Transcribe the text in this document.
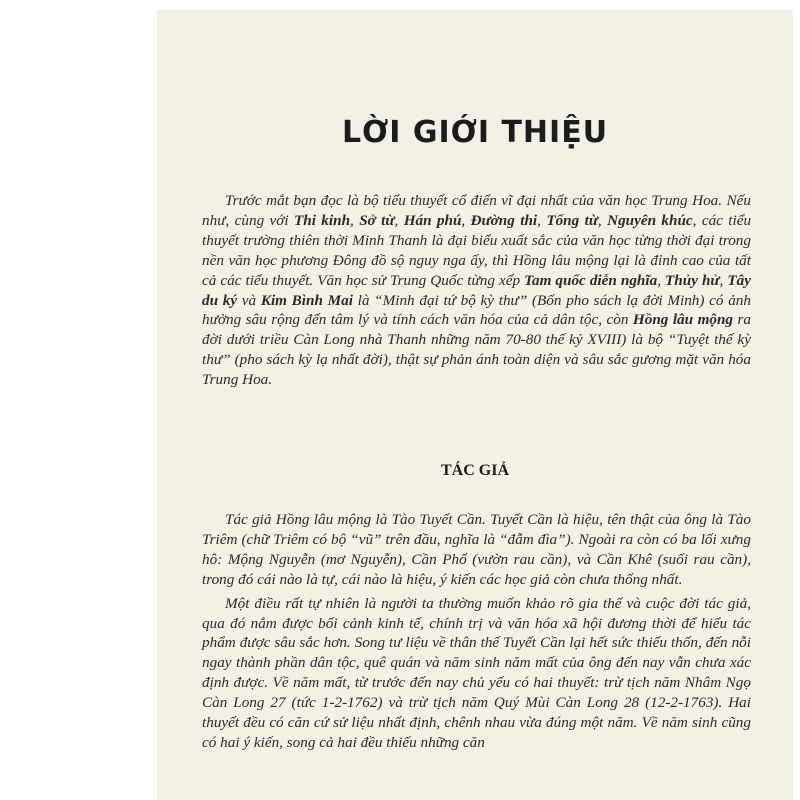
LỜI GIỚI THIỆU

Trước mắt bạn đọc là bộ tiểu thuyết cổ điển vĩ đại nhất của văn học Trung Hoa. Nếu như, cùng với Thi kinh, Sở từ, Hán phú, Đường thi, Tống từ, Nguyên khúc, các tiểu thuyết trường thiên thời Minh Thanh là đại biểu xuất sắc của văn học từng thời đại trong nền văn học phương Đông đồ sộ nguy nga ấy, thì Hồng lâu mộng lại là đỉnh cao của tất cả các tiểu thuyết. Văn học sử Trung Quốc từng xếp Tam quốc diễn nghĩa, Thủy hử, Tây du ký và Kim Bình Mai là “Minh đại tứ bộ kỳ thư” (Bốn pho sách lạ đời Minh) có ảnh hưởng sâu rộng đến tâm lý và tính cách văn hóa của cả dân tộc, còn Hồng lâu mộng ra đời dưới triều Càn Long nhà Thanh những năm 70-80 thế kỷ XVIII) là bộ “Tuyệt thế kỳ thư” (pho sách kỳ lạ nhất đời), thật sự phản ánh toàn diện và sâu sắc gương mặt văn hóa Trung Hoa.

TÁC GIẢ

Tác giả Hồng lâu mộng là Tào Tuyết Cần. Tuyết Cần là hiệu, tên thật của ông là Tào Triêm (chữ Triêm có bộ “vũ” trên đầu, nghĩa là “đẫm đìa”). Ngoài ra còn có ba lối xưng hô: Mộng Nguyễn (mơ Nguyễn), Cần Phố (vườn rau cần), và Cần Khê (suối rau cần), trong đó cái nào là tự, cái nào là hiệu, ý kiến các học giả còn chưa thống nhất.

Một điều rất tự nhiên là người ta thường muốn khảo rõ gia thế và cuộc đời tác giả, qua đó nắm được bối cảnh kinh tế, chính trị và văn hóa xã hội đương thời để hiểu tác phẩm được sâu sắc hơn. Song tư liệu về thân thế Tuyết Cần lại hết sức thiếu thốn, đến nỗi ngay thành phần dân tộc, quê quán và năm sinh năm mất của ông đến nay vẫn chưa xác định được. Về năm mất, từ trước đến nay chủ yếu có hai thuyết: trừ tịch năm Nhâm Ngọ Càn Long 27 (tức 1-2-1762) và trừ tịch năm Quý Mùi Càn Long 28 (12-2-1763). Hai thuyết đều có căn cứ sử liệu nhất định, chênh nhau vừa đúng một năm. Về năm sinh cũng có hai ý kiến, song cả hai đều thiếu những căn
